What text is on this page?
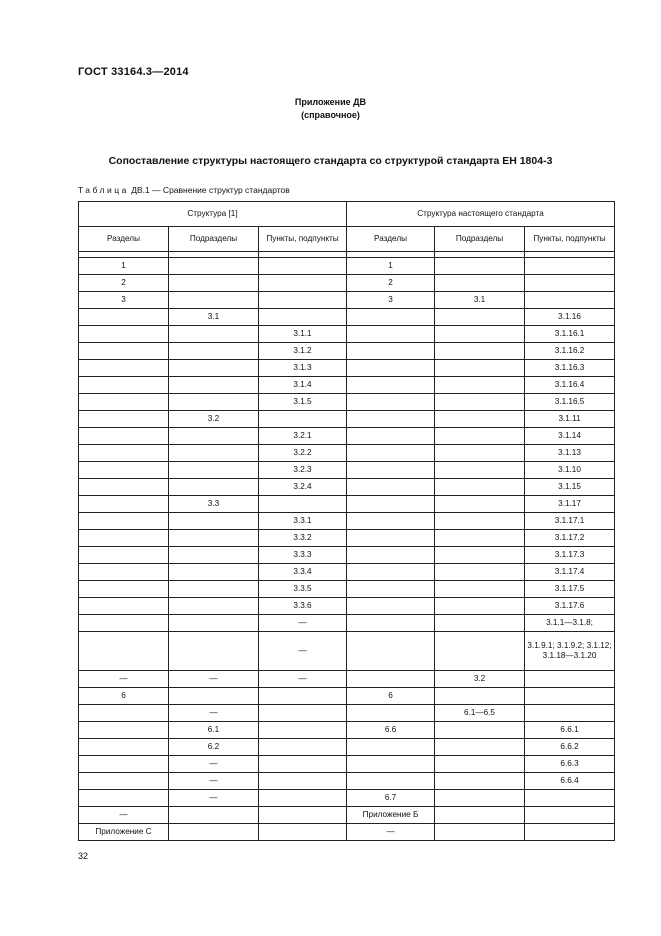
ГОСТ 33164.3—2014
Приложение ДВ
(справочное)
Сопоставление структуры настоящего стандарта со структурой стандарта ЕН 1804-3
Таблица ДВ.1 — Сравнение структур стандартов
Структура [1]			Структура настоящего стандарта		
Разделы	Подразделы	Пункты, подпункты	Разделы	Подразделы	Пункты, подпункты

1			1		
2			2		
3			3	3.1	
	3.1				3.1.16
		3.1.1			3.1.16.1
		3.1.2			3.1.16.2
		3.1.3			3.1.16.3
		3.1.4			3.1.16.4
		3.1.5			3.1.16.5
	3.2				3.1.11
		3.2.1			3.1.14
		3.2.2			3.1.13
		3.2.3			3.1.10
		3.2.4			3.1.15
	3.3				3.1.17
		3.3.1			3.1.17.1
		3.3.2			3.1.17.2
		3.3.3			3.1.17.3
		3.3.4			3.1.17.4
		3.3.5			3.1.17.5
		3.3.6			3.1.17.6
		—			3.1.1—3.1.8;
		—			3.1.9.1; 3.1.9.2; 3.1.12; 3.1.18—3.1.20
—	—	—		3.2	
6			6		
	—			6.1—6.5	
	6.1		6.6		6.6.1
	6.2				6.6.2
	—				6.6.3
	—				6.6.4
	—		6.7		
—			Приложение Б		
Приложение С			—		
32
